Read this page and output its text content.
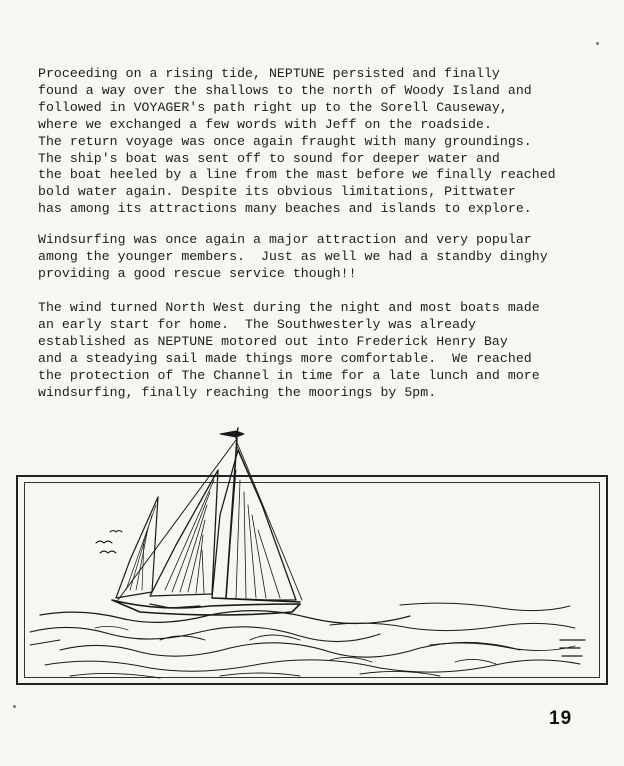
Proceeding on a rising tide, NEPTUNE persisted and finally
found a way over the shallows to the north of Woody Island and
followed in VOYAGER's path right up to the Sorell Causeway,
where we exchanged a few words with Jeff on the roadside.
The return voyage was once again fraught with many groundings.
The ship's boat was sent off to sound for deeper water and
the boat heeled by a line from the mast before we finally reached
bold water again. Despite its obvious limitations, Pittwater
has among its attractions many beaches and islands to explore.
Windsurfing was once again a major attraction and very popular
among the younger members.  Just as well we had a standby dinghy
providing a good rescue service though!!
The wind turned North West during the night and most boats made
an early start for home.  The Southwesterly was already
established as NEPTUNE motored out into Frederick Henry Bay
and a steadying sail made things more comfortable.  We reached
the protection of The Channel in time for a late lunch and more
windsurfing, finally reaching the moorings by 5pm.
19
